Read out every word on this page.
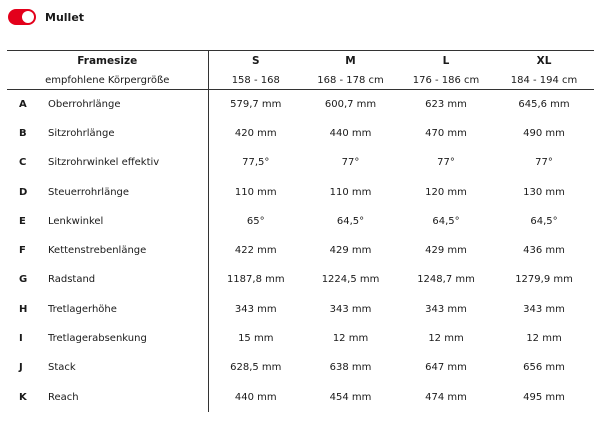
Mullet
Framesize		S	M	L	XL
empfohlene Körpergröße		158 - 168	168 - 178 cm	176 - 186 cm	184 - 194 cm
A	Oberrohrlänge	579,7 mm	600,7 mm	623 mm	645,6 mm
B	Sitzrohrlänge	420 mm	440 mm	470 mm	490 mm
C	Sitzrohrwinkel effektiv	77,5°	77°	77°	77°
D	Steuerrohrlänge	110 mm	110 mm	120 mm	130 mm
E	Lenkwinkel	65°	64,5°	64,5°	64,5°
F	Kettenstrebenlänge	422 mm	429 mm	429 mm	436 mm
G	Radstand	1187,8 mm	1224,5 mm	1248,7 mm	1279,9 mm
H	Tretlagerhöhe	343 mm	343 mm	343 mm	343 mm
I	Tretlagerabsenkung	15 mm	12 mm	12 mm	12 mm
J	Stack	628,5 mm	638 mm	647 mm	656 mm
K	Reach	440 mm	454 mm	474 mm	495 mm
